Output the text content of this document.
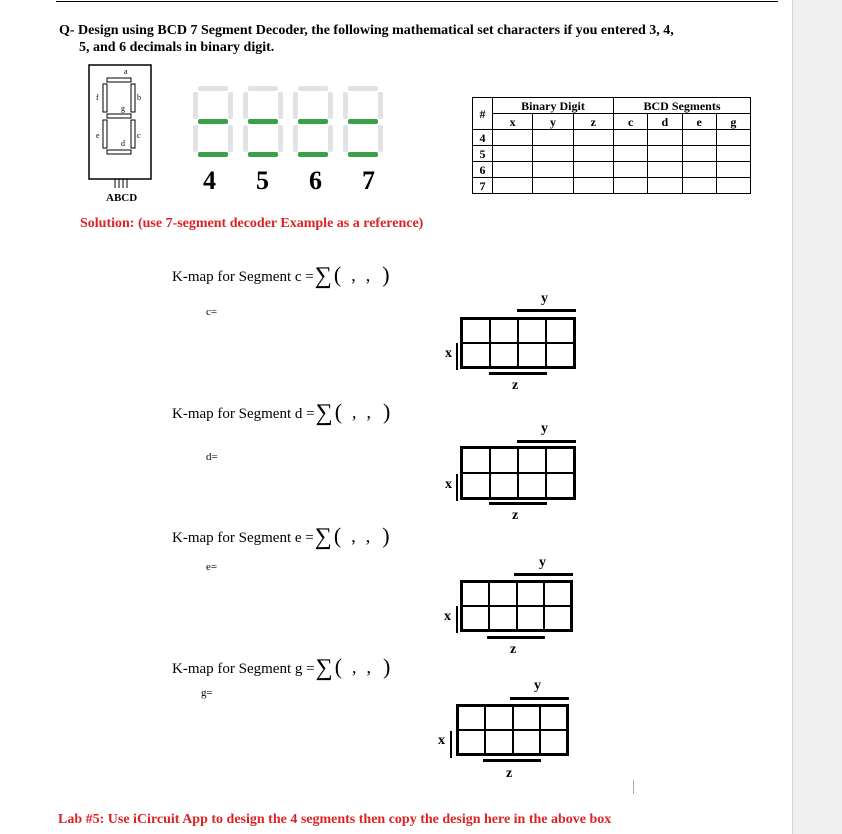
Q- Design using BCD 7 Segment Decoder, the following mathematical set characters if you entered 3, 4,
5, and 6 decimals in binary digit.
a
f	b
g
e	c
d
ABCD
4 5 6 7
#	Binary Digit			BCD Segments			
	x	y	z	c	d	e	g
4							
5							
6							
7							
Solution: (use 7-segment decoder Example as a reference)
K-map for Segment c =∑( , , )
c=
y
x
z
K-map for Segment d =∑( , , )
d=
y
x
z
K-map for Segment e =∑( , , )
e=	y
x
z
K-map for Segment g =∑( , , )
g=	y
x
z
Lab #5: Use iCircuit App to design the 4 segments then copy the design here in the above box
